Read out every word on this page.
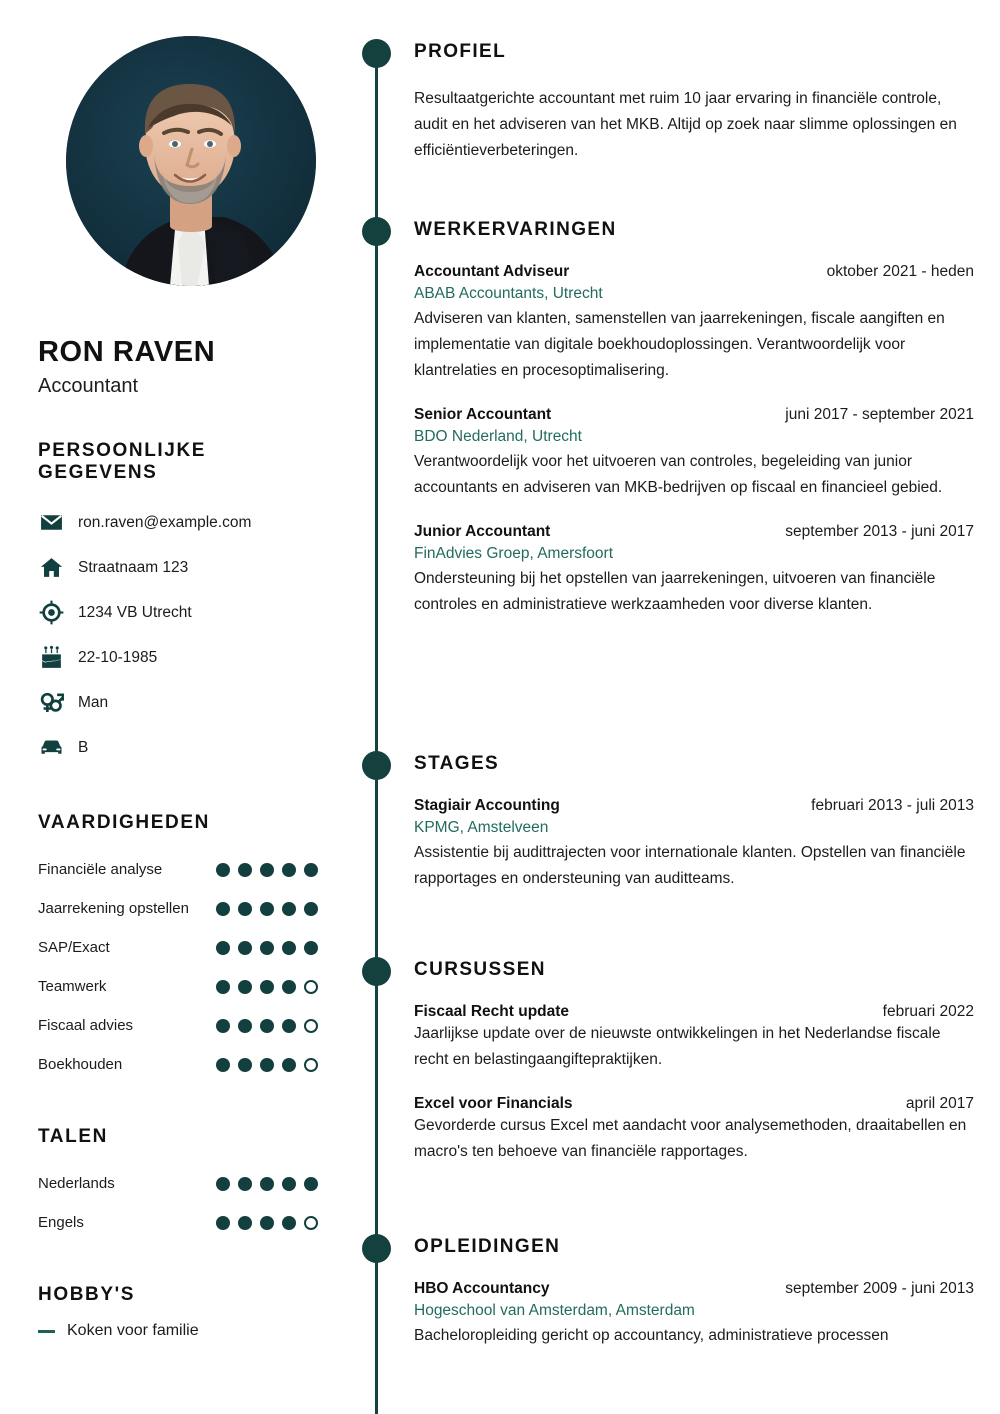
RON RAVEN
Accountant
PERSOONLIJKE GEGEVENS
ron.raven@example.com
Straatnaam 123
1234 VB Utrecht
22-10-1985
Man
B
VAARDIGHEDEN
Financiële analyse
Jaarrekening opstellen
SAP/Exact
Teamwerk
Fiscaal advies
Boekhouden
TALEN
Nederlands
Engels
HOBBY'S
Koken voor familie
PROFIEL
Resultaatgerichte accountant met ruim 10 jaar ervaring in financiële controle, audit en het adviseren van het MKB. Altijd op zoek naar slimme oplossingen en efficiëntieverbeteringen.
WERKERVARINGEN
Accountant Adviseur	oktober 2021 - heden
ABAB Accountants, Utrecht
Adviseren van klanten, samenstellen van jaarrekeningen, fiscale aangiften en implementatie van digitale boekhoudoplossingen. Verantwoordelijk voor klantrelaties en procesoptimalisering.
Senior Accountant	juni 2017 - september 2021
BDO Nederland, Utrecht
Verantwoordelijk voor het uitvoeren van controles, begeleiding van junior accountants en adviseren van MKB-bedrijven op fiscaal en financieel gebied.
Junior Accountant	september 2013 - juni 2017
FinAdvies Groep, Amersfoort
Ondersteuning bij het opstellen van jaarrekeningen, uitvoeren van financiële controles en administratieve werkzaamheden voor diverse klanten.
STAGES
Stagiair Accounting	februari 2013 - juli 2013
KPMG, Amstelveen
Assistentie bij audittrajecten voor internationale klanten. Opstellen van financiële rapportages en ondersteuning van auditteams.
CURSUSSEN
Fiscaal Recht update	februari 2022
Jaarlijkse update over de nieuwste ontwikkelingen in het Nederlandse fiscale recht en belastingaangiftepraktijken.
Excel voor Financials	april 2017
Gevorderde cursus Excel met aandacht voor analysemethoden, draaitabellen en macro's ten behoeve van financiële rapportages.
OPLEIDINGEN
HBO Accountancy	september 2009 - juni 2013
Hogeschool van Amsterdam, Amsterdam
Bacheloropleiding gericht op accountancy, administratieve processen
